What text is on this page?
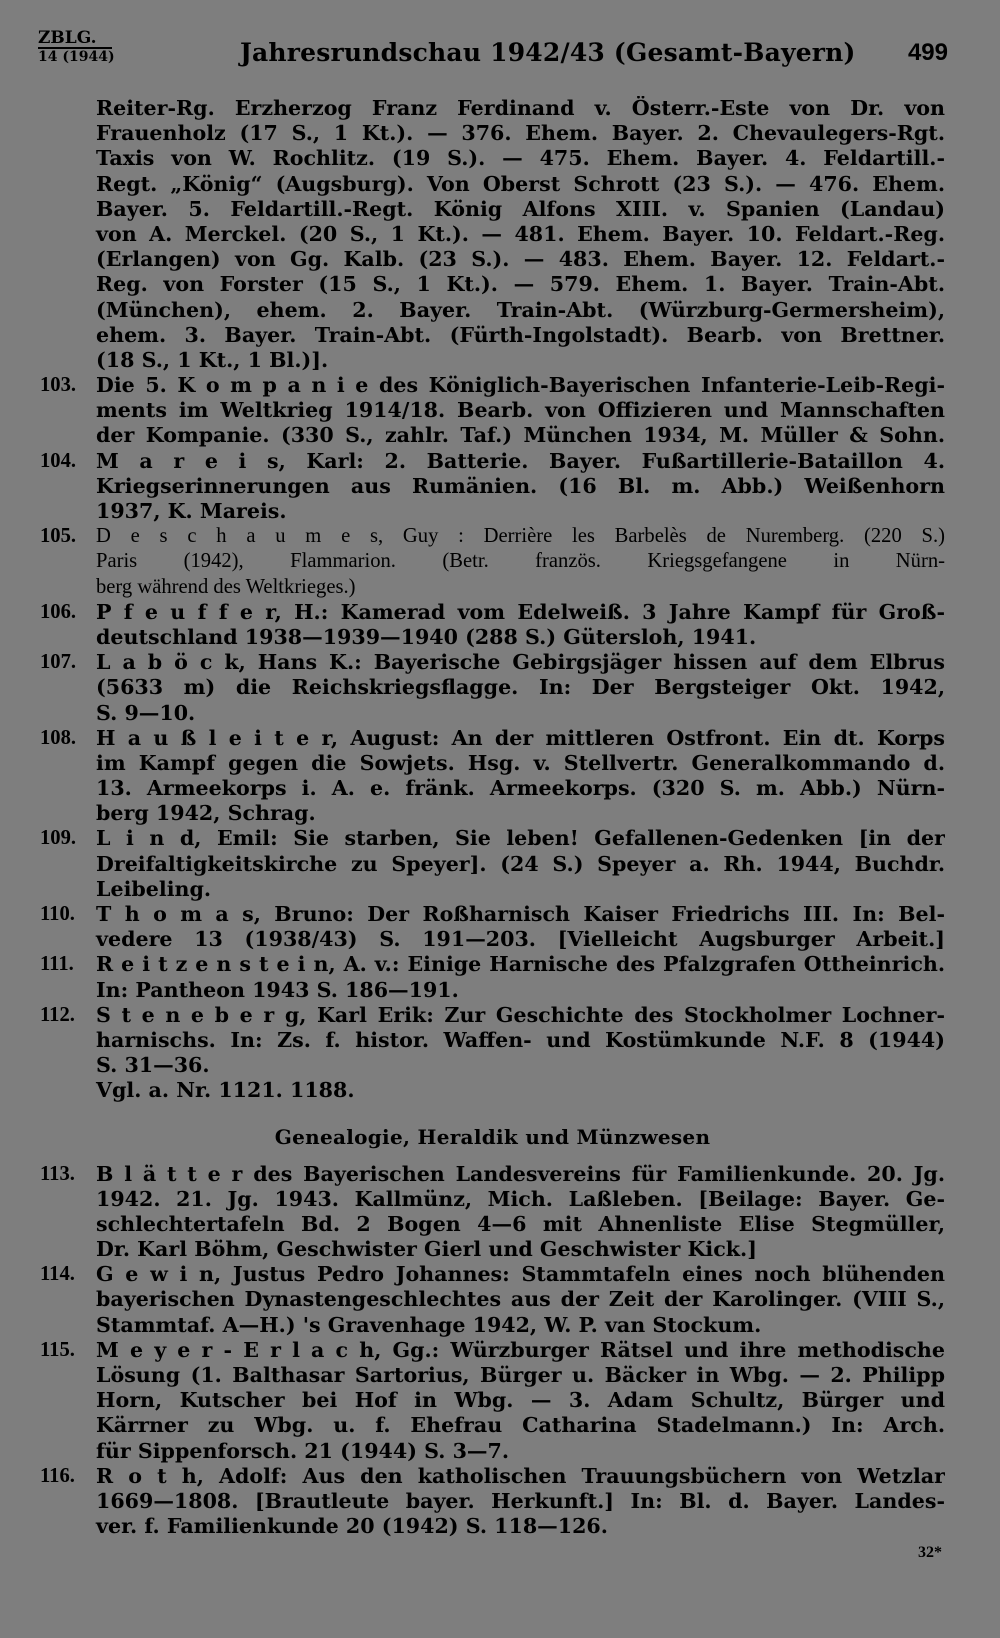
ZBLG.
14 (1944)	Jahresrundschau 1942/43 (Gesamt-Bayern) 499
Reiter-Rg. Erzherzog Franz Ferdinand v. Österr.-Este von Dr. von
Frauenholz (17 S., 1 Kt.). — 376. Ehem. Bayer. 2. Chevaulegers-Rgt.
Taxis von W. Rochlitz. (19 S.). — 475. Ehem. Bayer. 4. Feldartill.-
Regt. „König“ (Augsburg). Von Oberst Schrott (23 S.). — 476. Ehem.
Bayer. 5. Feldartill.-Regt. König Alfons XIII. v. Spanien (Landau)
von A. Merckel. (20 S., 1 Kt.). — 481. Ehem. Bayer. 10. Feldart.-Reg.
(Erlangen) von Gg. Kalb. (23 S.). — 483. Ehem. Bayer. 12. Feldart.-
Reg. von Forster (15 S., 1 Kt.). — 579. Ehem. 1. Bayer. Train-Abt.
(München), ehem. 2. Bayer. Train-Abt. (Würzburg-Germersheim),
ehem. 3. Bayer. Train-Abt. (Fürth-Ingolstadt). Bearb. von Brettner.
(18 S., 1 Kt., 1 Bl.)].
103. Die 5. K o m p a n i e des Königlich-Bayerischen Infanterie-Leib-Regi-
ments im Weltkrieg 1914/18. Bearb. von Offizieren und Mannschaften
der Kompanie. (330 S., zahlr. Taf.) München 1934, M. Müller & Sohn.
104. M a r e i s, Karl: 2. Batterie. Bayer. Fußartillerie-Bataillon 4.
Kriegserinnerungen aus Rumänien. (16 Bl. m. Abb.) Weißenhorn
1937, K. Mareis.
105. D e s c h a u m e s, Guy : Derrière les Barbelès de Nuremberg. (220 S.)
Paris (1942), Flammarion. (Betr. französ. Kriegsgefangene in Nürn-
berg während des Weltkrieges.)
106. P f e u f f e r, H.: Kamerad vom Edelweiß. 3 Jahre Kampf für Groß-
deutschland 1938—1939—1940 (288 S.) Gütersloh, 1941.
107. L a b ö c k, Hans K.: Bayerische Gebirgsjäger hissen auf dem Elbrus
(5633 m) die Reichskriegsflagge. In: Der Bergsteiger Okt. 1942,
S. 9—10.
108. H a u ß l e i t e r, August: An der mittleren Ostfront. Ein dt. Korps
im Kampf gegen die Sowjets. Hsg. v. Stellvertr. Generalkommando d.
13. Armeekorps i. A. e. fränk. Armeekorps. (320 S. m. Abb.) Nürn-
berg 1942, Schrag.
109. L i n d, Emil: Sie starben, Sie leben! Gefallenen-Gedenken [in der
Dreifaltigkeitskirche zu Speyer]. (24 S.) Speyer a. Rh. 1944, Buchdr.
Leibeling.
110.	T h o m a s, Bruno: Der Roßharnisch Kaiser Friedrichs III. In: Bel-
vedere 13 (1938/43) S. 191—203. [Vielleicht Augsburger Arbeit.]
111.	R e i t z e n s t e i n, A. v.: Einige Harnische des Pfalzgrafen Ottheinrich.
In: Pantheon 1943 S. 186—191.
112.	S t e n e b e r g, Karl Erik: Zur Geschichte des Stockholmer Lochner-
harnischs. In: Zs. f. histor. Waffen- und Kostümkunde N.F. 8 (1944)
S. 31—36.
Vgl. a. Nr. 1121. 1188.
Genealogie, Heraldik und Münzwesen
113.	B l ä t t e r des Bayerischen Landesvereins für Familienkunde. 20. Jg.
1942. 21. Jg. 1943. Kallmünz, Mich. Laßleben. [Beilage: Bayer. Ge-
schlechtertafeln Bd. 2 Bogen 4—6 mit Ahnenliste Elise Stegmüller,
Dr. Karl Böhm, Geschwister Gierl und Geschwister Kick.]
114.	G e w i n, Justus Pedro Johannes: Stammtafeln eines noch blühenden
bayerischen Dynastengeschlechtes aus der Zeit der Karolinger. (VIII S.,
Stammtaf. A—H.) 's Gravenhage 1942, W. P. van Stockum.
115.	M e y e r - E r l a c h, Gg.: Würzburger Rätsel und ihre methodische
Lösung (1. Balthasar Sartorius, Bürger u. Bäcker in Wbg. — 2. Philipp
Horn, Kutscher bei Hof in Wbg. — 3. Adam Schultz, Bürger und
Kärrner zu Wbg. u. f. Ehefrau Catharina Stadelmann.) In: Arch.
für Sippenforsch. 21 (1944) S. 3—7.
116.	R o t h, Adolf: Aus den katholischen Trauungsbüchern von Wetzlar
1669—1808. [Brautleute bayer. Herkunft.] In: Bl. d. Bayer. Landes-
ver. f. Familienkunde 20 (1942) S. 118—126.
32*
